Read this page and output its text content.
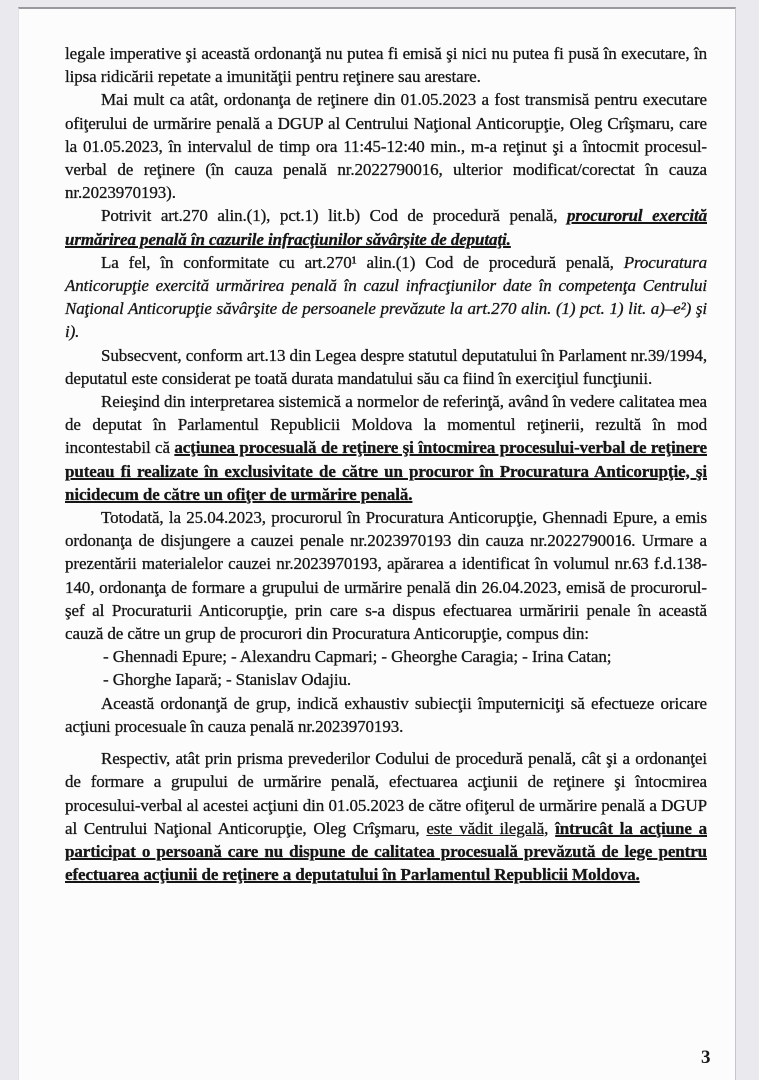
legale imperative şi această ordonanţă nu putea fi emisă şi nici nu putea fi pusă în executare, în lipsa ridicării repetate a imunităţii pentru reţinere sau arestare.

Mai mult ca atât, ordonanţa de reţinere din 01.05.2023 a fost transmisă pentru executare ofiţerului de urmărire penală a DGUP al Centrului Naţional Anticorupţie, Oleg Crîşmaru, care la 01.05.2023, în intervalul de timp ora 11:45-12:40 min., m-a reţinut şi a întocmit procesul-verbal de reţinere (în cauza penală nr.2022790016, ulterior modificat/corectat în cauza nr.2023970193).

Potrivit art.270 alin.(1), pct.1) lit.b) Cod de procedură penală, procurorul exercită urmărirea penală în cazurile infracţiunilor săvârşite de deputaţi.

La fel, în conformitate cu art.270¹ alin.(1) Cod de procedură penală, Procuratura Anticorupţie exercită urmărirea penală în cazul infracţiunilor date în competenţa Centrului Naţional Anticorupţie săvârşite de persoanele prevăzute la art.270 alin. (1) pct. 1) lit. a)–e²) şi i).

Subsecvent, conform art.13 din Legea despre statutul deputatului în Parlament nr.39/1994, deputatul este considerat pe toată durata mandatului său ca fiind în exerciţiul funcţiunii.

Reieşind din interpretarea sistemică a normelor de referinţă, având în vedere calitatea mea de deputat în Parlamentul Republicii Moldova la momentul reţinerii, rezultă în mod incontestabil că acţiunea procesuală de reţinere şi întocmirea procesului-verbal de reţinere puteau fi realizate în exclusivitate de către un procuror în Procuratura Anticorupţie, şi nicidecum de către un ofiţer de urmărire penală.

Totodată, la 25.04.2023, procurorul în Procuratura Anticorupţie, Ghennadi Epure, a emis ordonanţa de disjungere a cauzei penale nr.2023970193 din cauza nr.2022790016. Urmare a prezentării materialelor cauzei nr.2023970193, apărarea a identificat în volumul nr.63 f.d.138-140, ordonanţa de formare a grupului de urmărire penală din 26.04.2023, emisă de procurorul-şef al Procuraturii Anticorupţie, prin care s-a dispus efectuarea urmăririi penale în această cauză de către un grup de procurori din Procuratura Anticorupţie, compus din:

- Ghennadi Epure; - Alexandru Capmari; - Gheorghe Caragia; - Irina Catan;

- Ghorghe Iapară; - Stanislav Odajiu.

Această ordonanţă de grup, indică exhaustiv subiecţii împuterniciţi să efectueze oricare acţiuni procesuale în cauza penală nr.2023970193.

Respectiv, atât prin prisma prevederilor Codului de procedură penală, cât şi a ordonanţei de formare a grupului de urmărire penală, efectuarea acţiunii de reţinere şi întocmirea procesului-verbal al acestei acţiuni din 01.05.2023 de către ofiţerul de urmărire penală a DGUP al Centrului Naţional Anticorupţie, Oleg Crîşmaru, este vădit ilegală, întrucât la acţiune a participat o persoană care nu dispune de calitatea procesuală prevăzută de lege pentru efectuarea acţiunii de reţinere a deputatului în Parlamentul Republicii Moldova.

3
